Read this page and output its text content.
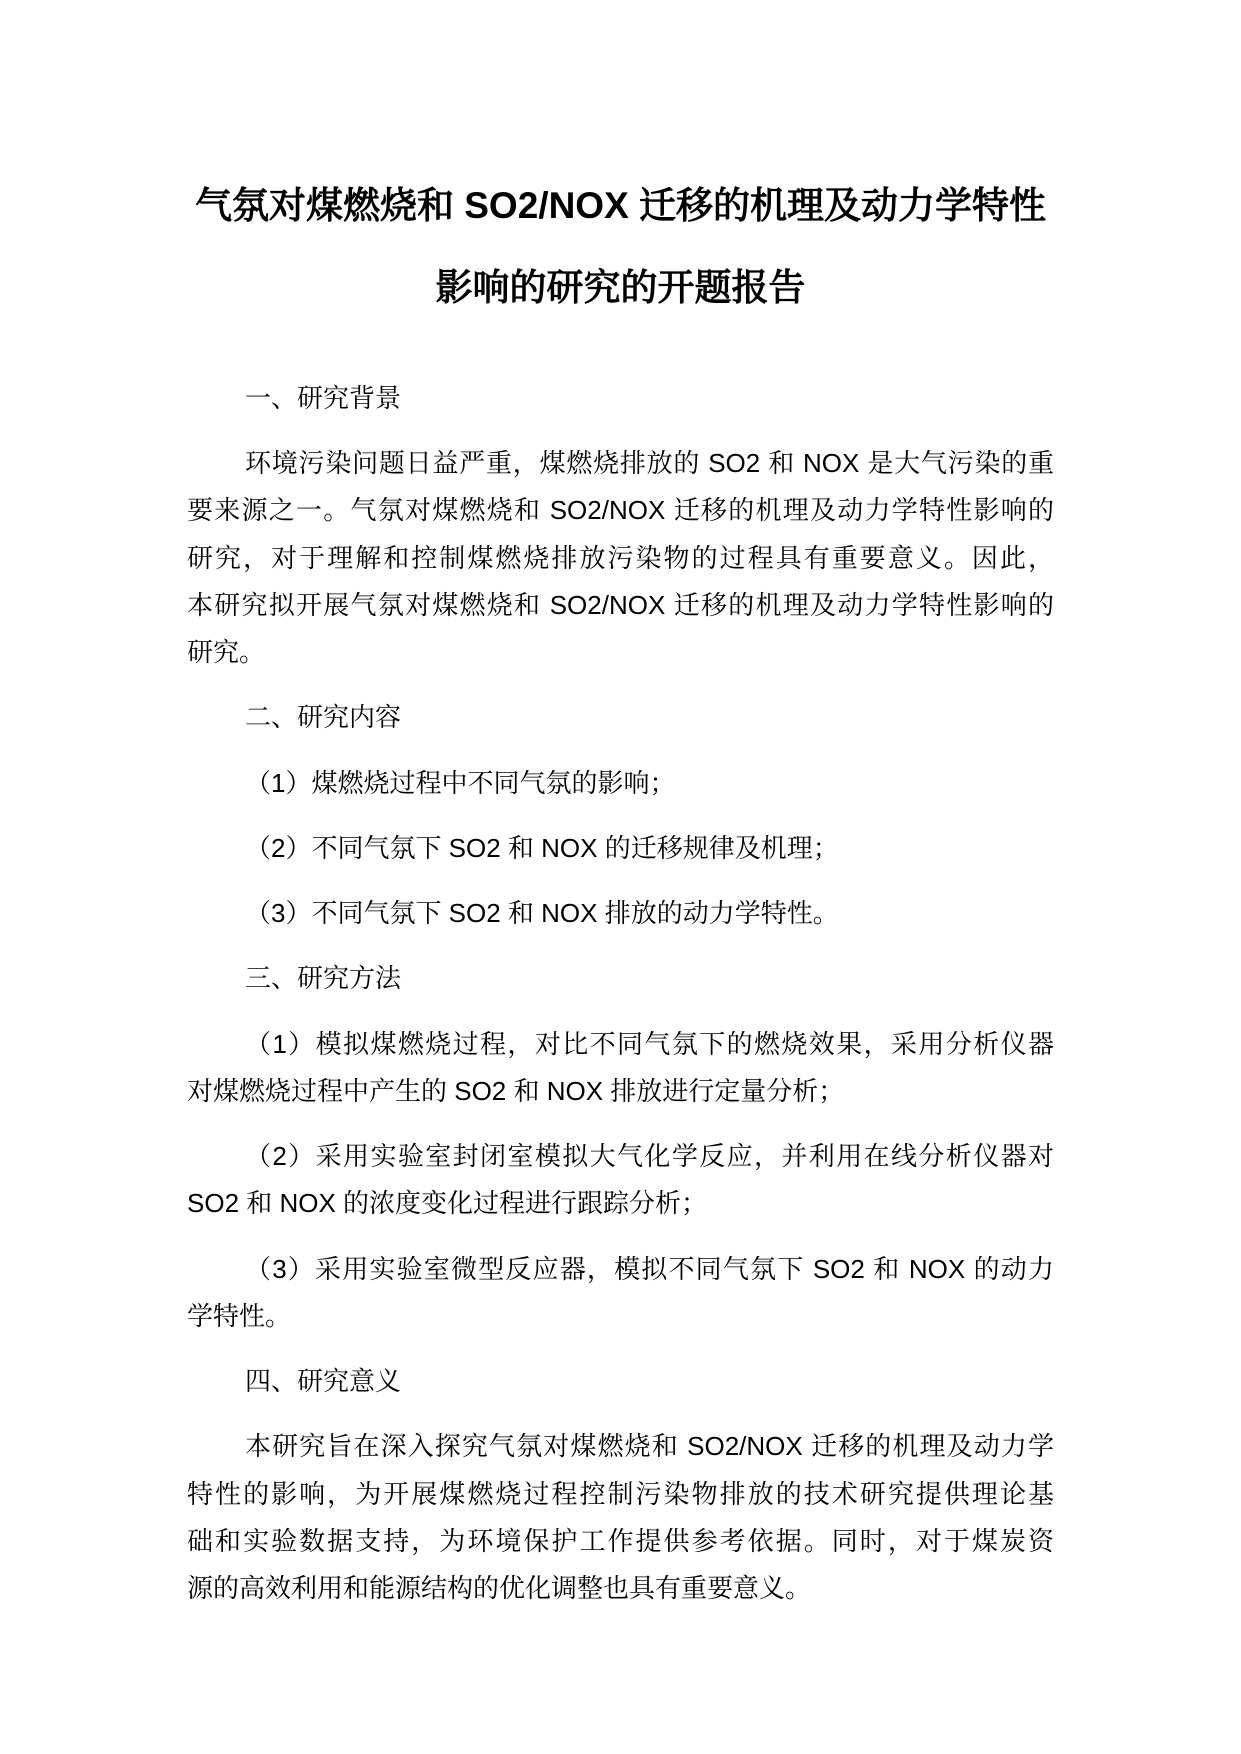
气氛对煤燃烧和 SO2/NOX 迁移的机理及动力学特性
影响的研究的开题报告
一、研究背景
环境污染问题日益严重，煤燃烧排放的 SO2 和 NOX 是大气污染的重
要来源之一。气氛对煤燃烧和 SO2/NOX 迁移的机理及动力学特性影响的
研究，对于理解和控制煤燃烧排放污染物的过程具有重要意义。因此，
本研究拟开展气氛对煤燃烧和 SO2/NOX 迁移的机理及动力学特性影响的
研究。
二、研究内容
（1）煤燃烧过程中不同气氛的影响；
（2）不同气氛下 SO2 和 NOX 的迁移规律及机理；
（3）不同气氛下 SO2 和 NOX 排放的动力学特性。
三、研究方法
（1）模拟煤燃烧过程，对比不同气氛下的燃烧效果，采用分析仪器
对煤燃烧过程中产生的 SO2 和 NOX 排放进行定量分析；
（2）采用实验室封闭室模拟大气化学反应，并利用在线分析仪器对
SO2 和 NOX 的浓度变化过程进行跟踪分析；
（3）采用实验室微型反应器，模拟不同气氛下 SO2 和 NOX 的动力
学特性。
四、研究意义
本研究旨在深入探究气氛对煤燃烧和 SO2/NOX 迁移的机理及动力学
特性的影响，为开展煤燃烧过程控制污染物排放的技术研究提供理论基
础和实验数据支持，为环境保护工作提供参考依据。同时，对于煤炭资
源的高效利用和能源结构的优化调整也具有重要意义。
